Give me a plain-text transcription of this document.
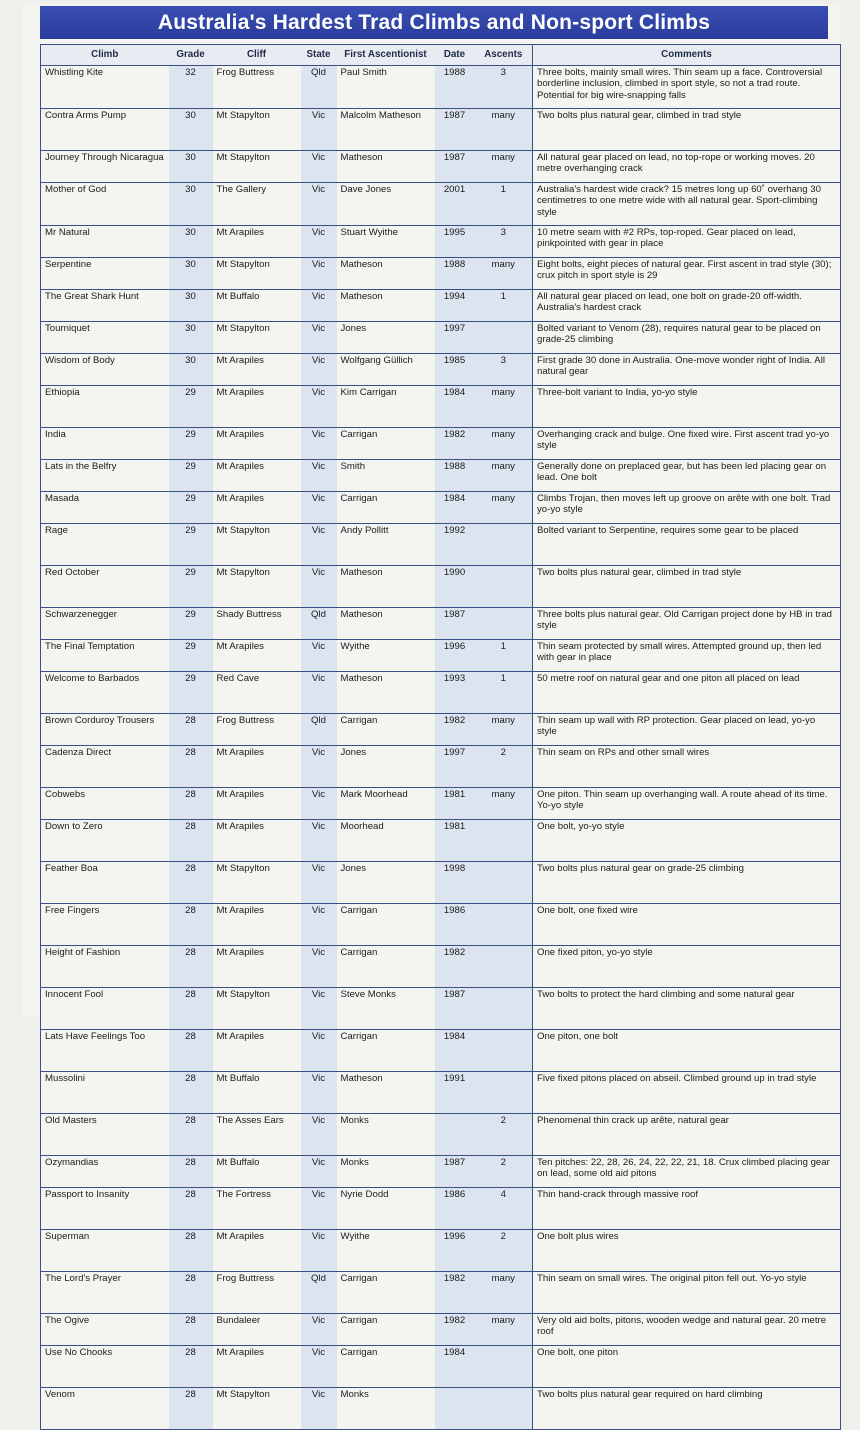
Australia's Hardest Trad Climbs and Non-sport Climbs
Climb	Grade	Cliff	State	First Ascentionist	Date	Ascents	Comments
Whistling Kite	32	Frog Buttress	Qld	Paul Smith	1988	3	Three bolts, mainly small wires. Thin seam up a face. Controversial borderline inclusion, climbed in sport style, so not a trad route. Potential for big wire-snapping falls
Contra Arms Pump	30	Mt Stapylton	Vic	Malcolm Matheson	1987	many	Two bolts plus natural gear, climbed in trad style
Journey Through Nicaragua	30	Mt Stapylton	Vic	Matheson	1987	many	All natural gear placed on lead, no top-rope or working moves. 20 metre overhanging crack
Mother of God	30	The Gallery	Vic	Dave Jones	2001	1	Australia's hardest wide crack? 15 metres long up 60˚ overhang 30 centimetres to one metre wide with all natural gear. Sport-climbing style
Mr Natural	30	Mt Arapiles	Vic	Stuart Wyithe	1995	3	10 metre seam with #2 RPs, top-roped. Gear placed on lead, pinkpointed with gear in place
Serpentine	30	Mt Stapylton	Vic	Matheson	1988	many	Eight bolts, eight pieces of natural gear. First ascent in trad style (30); crux pitch in sport style is 29
The Great Shark Hunt	30	Mt Buffalo	Vic	Matheson	1994	1	All natural gear placed on lead, one bolt on grade-20 off-width. Australia's hardest crack
Tourniquet	30	Mt Stapylton	Vic	Jones	1997		Bolted variant to Venom (28), requires natural gear to be placed on grade-25 climbing
Wisdom of Body	30	Mt Arapiles	Vic	Wolfgang Güllich	1985	3	First grade 30 done in Australia. One-move wonder right of India. All natural gear
Ethiopia	29	Mt Arapiles	Vic	Kim Carrigan	1984	many	Three-bolt variant to India, yo-yo style
India	29	Mt Arapiles	Vic	Carrigan	1982	many	Overhanging crack and bulge. One fixed wire. First ascent trad yo-yo style
Lats in the Belfry	29	Mt Arapiles	Vic	Smith	1988	many	Generally done on preplaced gear, but has been led placing gear on lead. One bolt
Masada	29	Mt Arapiles	Vic	Carrigan	1984	many	Climbs Trojan, then moves left up groove on arête with one bolt. Trad yo-yo style
Rage	29	Mt Stapylton	Vic	Andy Pollitt	1992		Bolted variant to Serpentine, requires some gear to be placed
Red October	29	Mt Stapylton	Vic	Matheson	1990		Two bolts plus natural gear, climbed in trad style
Schwarzenegger	29	Shady Buttress	Qld	Matheson	1987		Three bolts plus natural gear. Old Carrigan project done by HB in trad style
The Final Temptation	29	Mt Arapiles	Vic	Wyithe	1996	1	Thin seam protected by small wires. Attempted ground up, then led with gear in place
Welcome to Barbados	29	Red Cave	Vic	Matheson	1993	1	50 metre roof on natural gear and one piton all placed on lead
Brown Corduroy Trousers	28	Frog Buttress	Qld	Carrigan	1982	many	Thin seam up wall with RP protection. Gear placed on lead, yo-yo style
Cadenza Direct	28	Mt Arapiles	Vic	Jones	1997	2	Thin seam on RPs and other small wires
Cobwebs	28	Mt Arapiles	Vic	Mark Moorhead	1981	many	One piton. Thin seam up overhanging wall. A route ahead of its time. Yo-yo style
Down to Zero	28	Mt Arapiles	Vic	Moorhead	1981		One bolt, yo-yo style
Feather Boa	28	Mt Stapylton	Vic	Jones	1998		Two bolts plus natural gear on grade-25 climbing
Free Fingers	28	Mt Arapiles	Vic	Carrigan	1986		One bolt, one fixed wire
Height of Fashion	28	Mt Arapiles	Vic	Carrigan	1982		One fixed piton, yo-yo style
Innocent Fool	28	Mt Stapylton	Vic	Steve Monks	1987		Two bolts to protect the hard climbing and some natural gear
Lats Have Feelings Too	28	Mt Arapiles	Vic	Carrigan	1984		One piton, one bolt
Mussolini	28	Mt Buffalo	Vic	Matheson	1991		Five fixed pitons placed on abseil. Climbed ground up in trad style
Old Masters	28	The Asses Ears	Vic	Monks		2	Phenomenal thin crack up arête, natural gear
Ozymandias	28	Mt Buffalo	Vic	Monks	1987	2	Ten pitches: 22, 28, 26, 24, 22, 22, 21, 18. Crux climbed placing gear on lead, some old aid pitons
Passport to Insanity	28	The Fortress	Vic	Nyrie Dodd	1986	4	Thin hand-crack through massive roof
Superman	28	Mt Arapiles	Vic	Wyithe	1996	2	One bolt plus wires
The Lord's Prayer	28	Frog Buttress	Qld	Carrigan	1982	many	Thin seam on small wires. The original piton fell out. Yo-yo style
The Ogive	28	Bundaleer	Vic	Carrigan	1982	many	Very old aid bolts, pitons, wooden wedge and natural gear. 20 metre roof
Use No Chooks	28	Mt Arapiles	Vic	Carrigan	1984		One bolt, one piton
Venom	28	Mt Stapylton	Vic	Monks			Two bolts plus natural gear required on hard climbing
